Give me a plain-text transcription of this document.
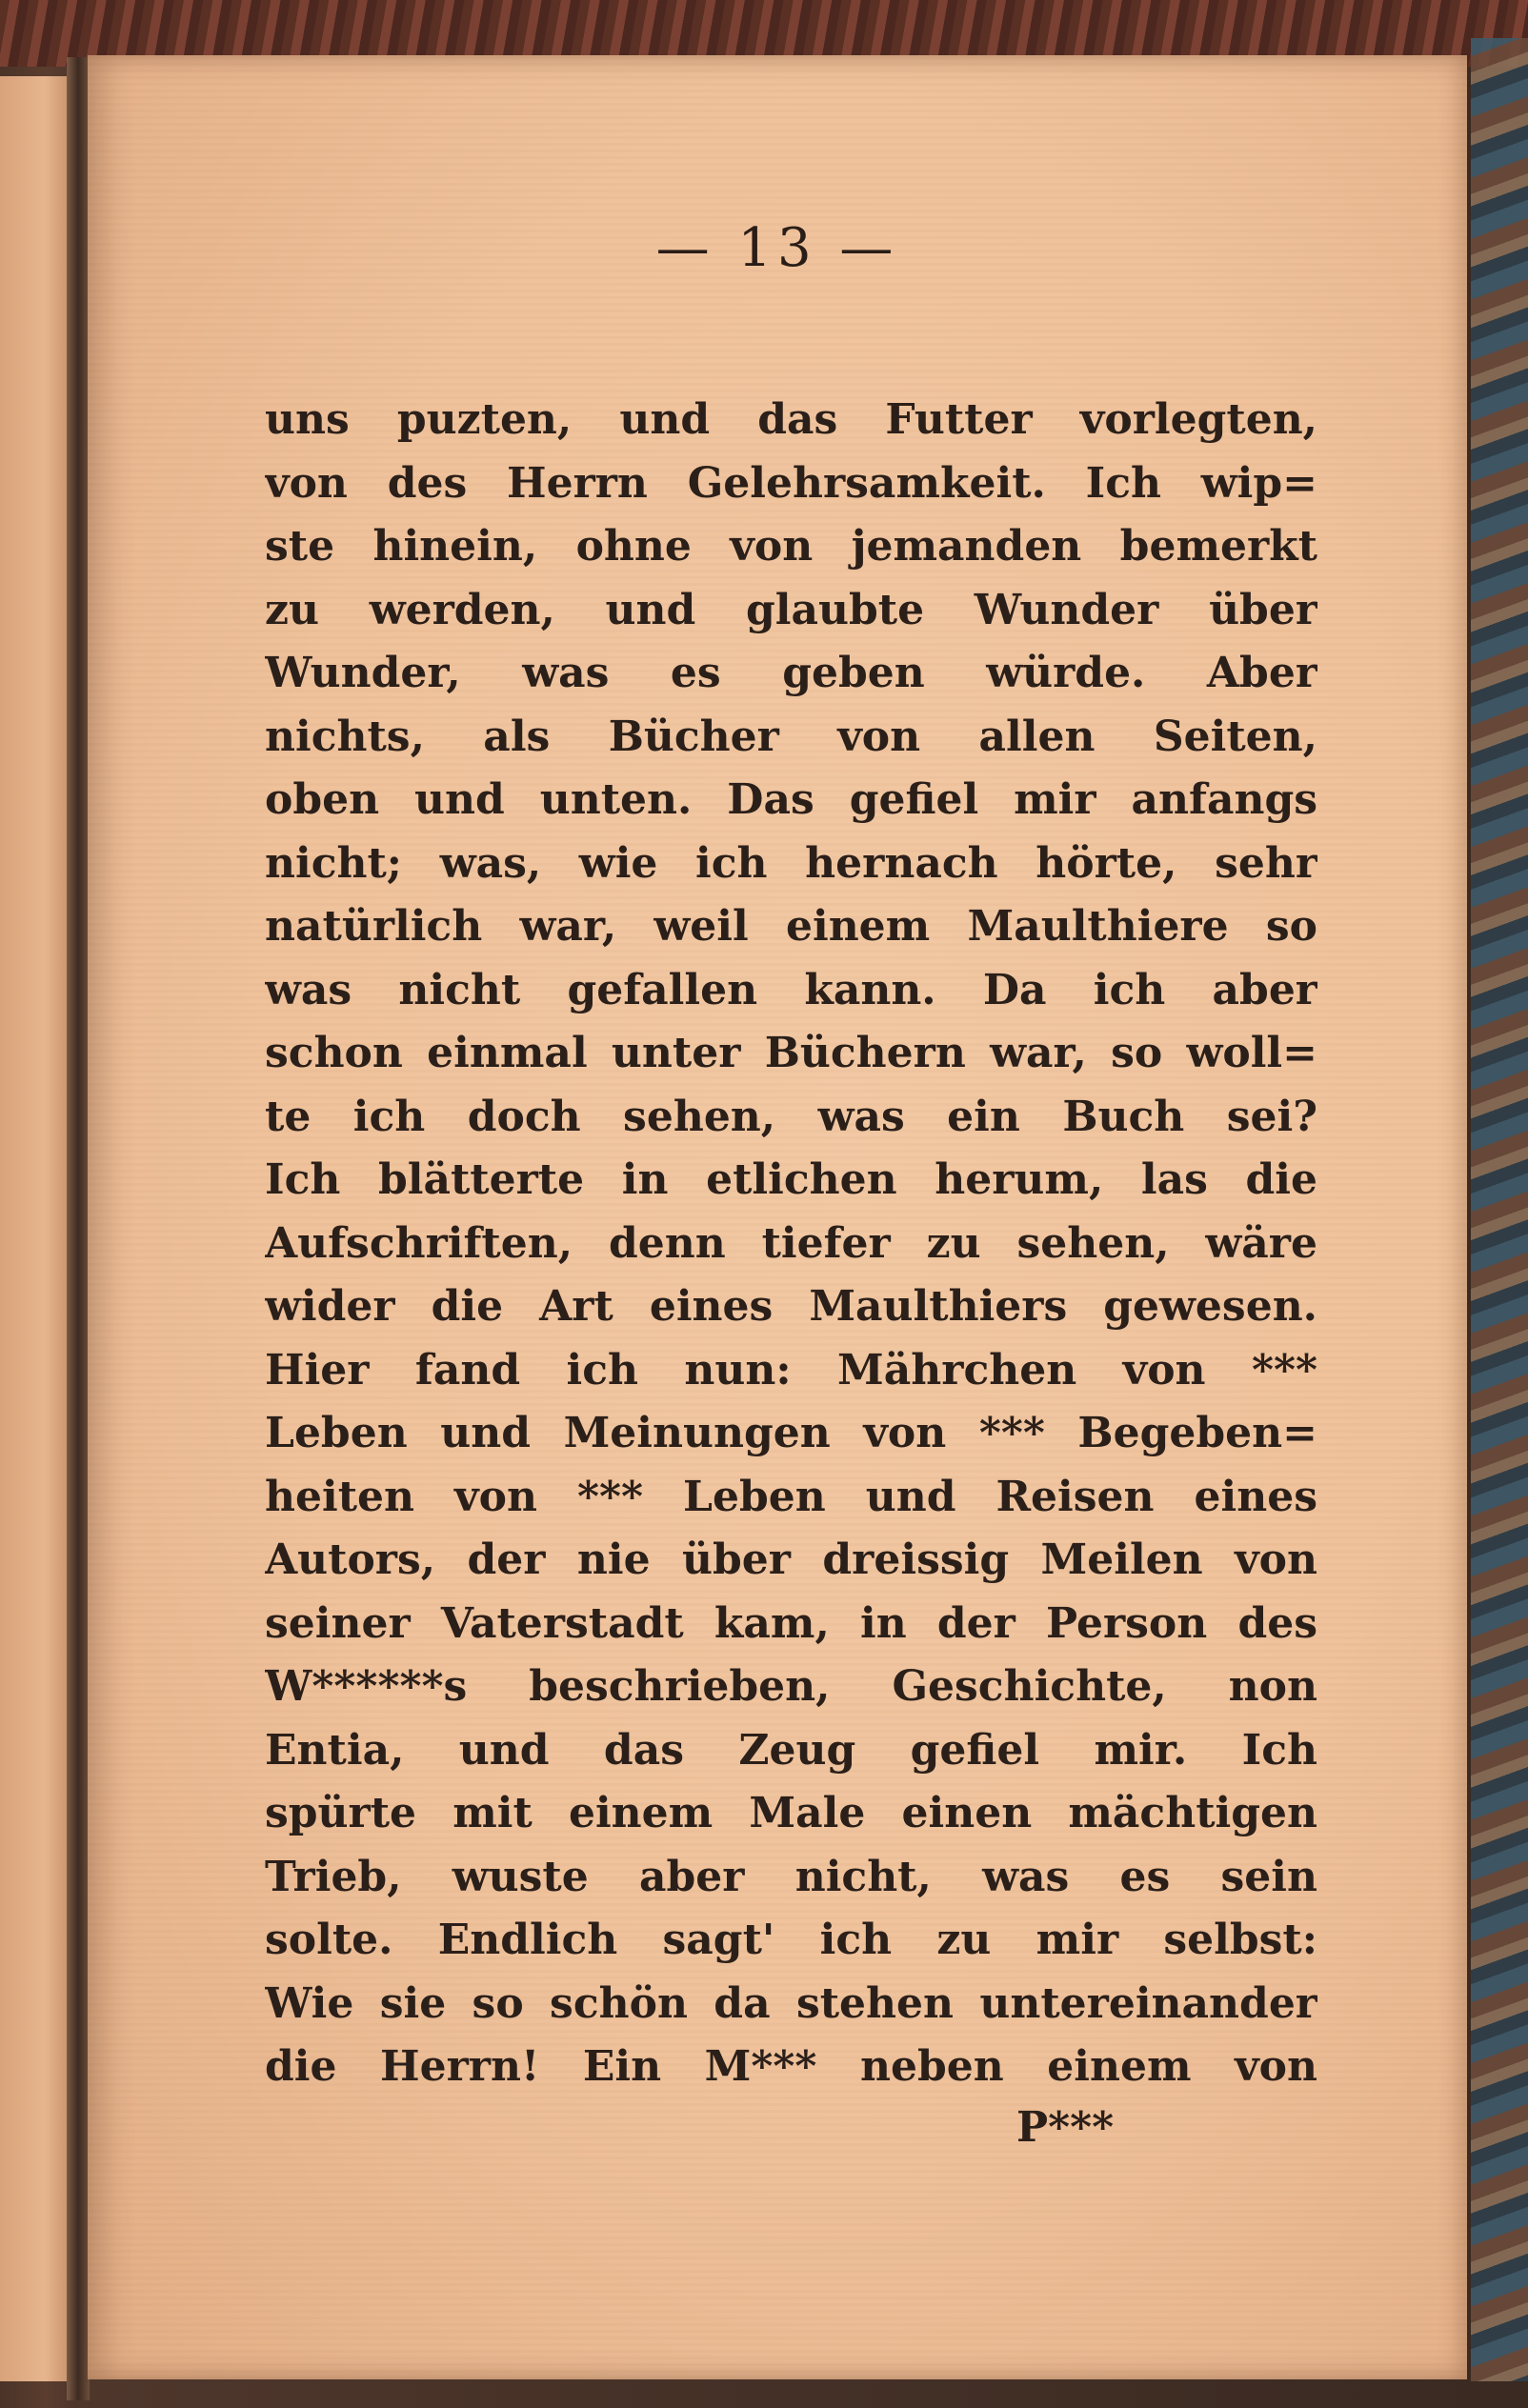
— 13 —
uns puzten, und das Futter vorlegten,
von des Herrn Gelehrsamkeit. Ich wip=
ste hinein, ohne von jemanden bemerkt
zu werden, und glaubte Wunder über
Wunder, was es geben würde. Aber
nichts, als Bücher von allen Seiten,
oben und unten. Das gefiel mir anfangs
nicht; was, wie ich hernach hörte, sehr
natürlich war, weil einem Maulthiere so
was nicht gefallen kann. Da ich aber
schon einmal unter Büchern war, so woll=
te ich doch sehen, was ein Buch sei?
Ich blätterte in etlichen herum, las die
Aufschriften, denn tiefer zu sehen, wäre
wider die Art eines Maulthiers gewesen.
Hier fand ich nun: Mährchen von ***
Leben und Meinungen von *** Begeben=
heiten von *** Leben und Reisen eines
Autors, der nie über dreissig Meilen von
seiner Vaterstadt kam, in der Person des
W******s beschrieben, Geschichte, non
Entia, und das Zeug gefiel mir. Ich
spürte mit einem Male einen mächtigen
Trieb, wuste aber nicht, was es sein
solte. Endlich sagt' ich zu mir selbst:
Wie sie so schön da stehen untereinander
die Herrn! Ein M*** neben einem von
P***
